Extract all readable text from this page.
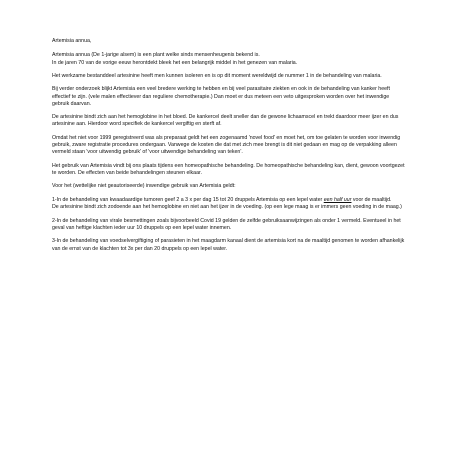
Artemisia annua,

Artemisia annua (De 1-jarige alsem) is een plant welke sinds mensenheugenis bekend is.
In de jaren 70 van de vorige eeuw herontdekt bleek het een belangrijk middel in het genezen van malaria.

Het werkzame bestanddeel artesinine heeft men kunnen isoleren en is op dit moment wereldwijd de nummer 1 in de behandeling van malaria.

Bij verder onderzoek blijkt Artemisia een veel bredere werking te hebben en bij veel parasitaire ziekten en ook in de behandeling van kanker heeft effectief te zijn. (vele malen effectiever dan reguliere chemotherapie.) Dan moet er dus meteen een veto uitgesproken worden over het inwendige gebruik daarvan.

De artesinine bindt zich aan het hemoglobine in het bloed. De kankercel deelt sneller dan de gewone lichaamscel en trekt daardoor meer ijzer en dus artesinine aan. Hierdoor word specifiek de kankercel vergiftig en sterft af.

Omdat het niet voor 1999 geregistreerd was als preparaat geldt het een zogenaamd 'novel food' en moet het, om toe gelaten te worden voor inwendig gebruik, zware registratie procedures ondergaan. Vanwege de kosten die dat met zich mee brengt is dit niet gedaan en mag op de verpakking alleen vermeld staan 'voor uitwendig gebruik' of 'voor uitwendige behandeling van teken'.

Het gebruik van Artemisia vindt bij ons plaats tijdens een homeopathische behandeling. De homeopathische behandeling kan, dient, gewoon voortgezet te worden. De effecten van beide behandelingen steunen elkaar.

Voor het (wettelijke niet geautoriseerde) inwendige gebruik van Artemisia geldt:

1-In de behandeling van kwaadaardige tumoren geef 2 a 3 x per dag 15 tot 20 druppels Artemisia op een lepel water een half uur voor de maaltijd.
De artesinine bindt zich zodoende aan het hemoglobine en niet aan het ijzer in de voeding. (op een lege maag is er immers geen voeding in de maag.)

2-In de behandeling van virale besmettingen zoals bijvoorbeeld Covid 19 gelden de zelfde gebruiksaanwijzingen als onder 1 vermeld. Eventueel in het geval van heftige klachten ieder uur 10 druppels op een lepel water innemen.

3-In de behandeling van voedselvergiftiging of parasieten in het maagdarm kanaal dient de artemisia kort na de maaltijd genomen te worden afhankelijk van de ernst van de klachten tot 3x per dan 20 druppels op een lepel water.
